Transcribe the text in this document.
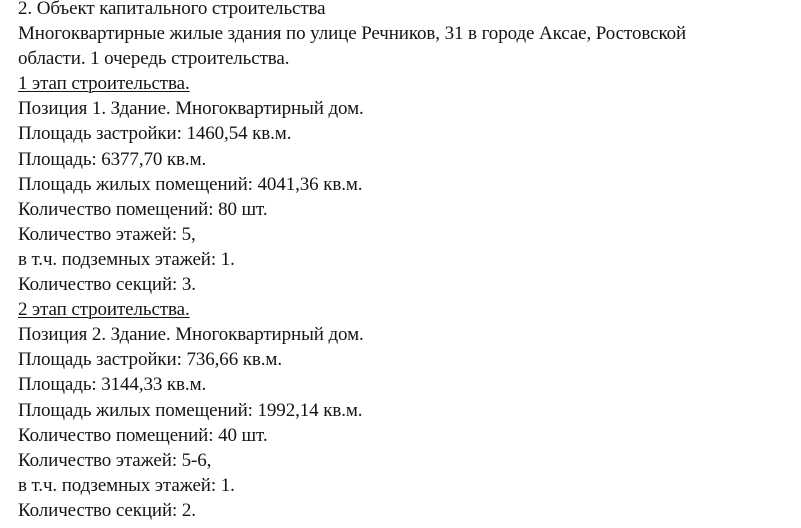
2. Объект капитального строительства
Многоквартирные жилые здания по улице Речников, 31 в городе Аксае, Ростовской
области. 1 очередь строительства.
1 этап строительства.
Позиция 1. Здание. Многоквартирный дом.
Площадь застройки: 1460,54 кв.м.
Площадь: 6377,70 кв.м.
Площадь жилых помещений: 4041,36 кв.м.
Количество помещений: 80 шт.
Количество этажей: 5,
в т.ч. подземных этажей: 1.
Количество секций: 3.
2 этап строительства.
Позиция 2. Здание. Многоквартирный дом.
Площадь застройки: 736,66 кв.м.
Площадь: 3144,33 кв.м.
Площадь жилых помещений: 1992,14 кв.м.
Количество помещений: 40 шт.
Количество этажей: 5-6,
в т.ч. подземных этажей: 1.
Количество секций: 2.
